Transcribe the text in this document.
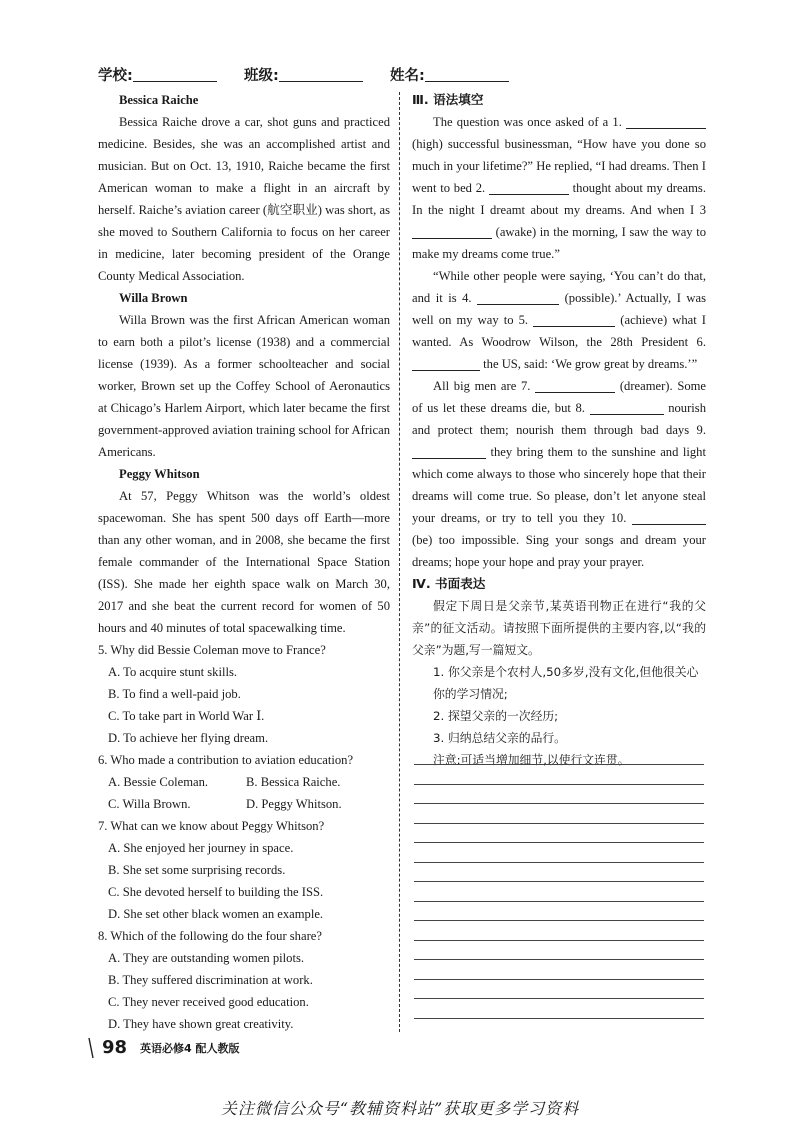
学校:	班级:	姓名:

Bessica Raiche

Bessica Raiche drove a car, shot guns and practiced medicine. Besides, she was an accomplished artist and musician. But on Oct. 13, 1910, Raiche became the first American woman to make a flight in an aircraft by herself. Raiche’s aviation career (航空职业) was short, as she moved to Southern California to focus on her career in medicine, later becoming president of the Orange County Medical Association.

Willa Brown

Willa Brown was the first African American woman to earn both a pilot’s license (1938) and a commercial license (1939). As a former schoolteacher and social worker, Brown set up the Coffey School of Aeronautics at Chicago’s Harlem Airport, which later became the first government-approved aviation training school for African Americans.

Peggy Whitson

At 57, Peggy Whitson was the world’s oldest spacewoman. She has spent 500 days off Earth—more than any other woman, and in 2008, she became the first female commander of the International Space Station (ISS). She made her eighth space walk on March 30, 2017 and she beat the current record for women of 50 hours and 40 minutes of total spacewalking time.

5. Why did Bessie Coleman move to France?

A. To acquire stunt skills.

B. To find a well-paid job.

C. To take part in World War Ⅰ.

D. To achieve her flying dream.

6. Who made a contribution to aviation education?

A. Bessie Coleman.	B. Bessica Raiche.
C. Willa Brown.	D. Peggy Whitson.

7. What can we know about Peggy Whitson?

A. She enjoyed her journey in space.

B. She set some surprising records.

C. She devoted herself to building the ISS.

D. She set other black women an example.

8. Which of the following do the four share?

A. They are outstanding women pilots.

B. They suffered discrimination at work.

C. They never received good education.

D. They have shown great creativity.

Ⅲ. 语法填空

The question was once asked of a 1.  (high) successful businessman, “How have you done so much in your lifetime?” He replied, “I had dreams. Then I went to bed 2.	thought about my dreams. In the night I dreamt about my dreams. And when I 3  (awake) in the morning, I saw the way to make my dreams come true.”

“While other people were saying, ‘You can’t do that, and it is 4.	(possible).’ Actually, I was well on my way to 5.	(achieve) what I wanted. As Woodrow Wilson, the 28th President 6.  the US, said: ‘We grow great by dreams.’”

All big men are 7.	(dreamer). Some of us let these dreams die, but 8.	nourish and protect them; nourish them through bad days 9.  they bring them to the sunshine and light which come always to those who sincerely hope that their dreams will come true. So please, don’t let anyone steal your dreams, or try to tell you they 10.  (be) too impossible. Sing your songs and dream your dreams; hope your hope and pray your prayer.

Ⅳ. 书面表达

假定下周日是父亲节,某英语刊物正在进行“我的父亲”的征文活动。请按照下面所提供的主要内容,以“我的父亲”为题,写一篇短文。

1. 你父亲是个农村人,50多岁,没有文化,但他很关心你的学习情况;

2. 探望父亲的一次经历;

3. 归纳总结父亲的品行。

注意:可适当增加细节,以使行文连贯。

98 英语必修4 配人教版
关注微信公众号“教辅资料站”获取更多学习资料
